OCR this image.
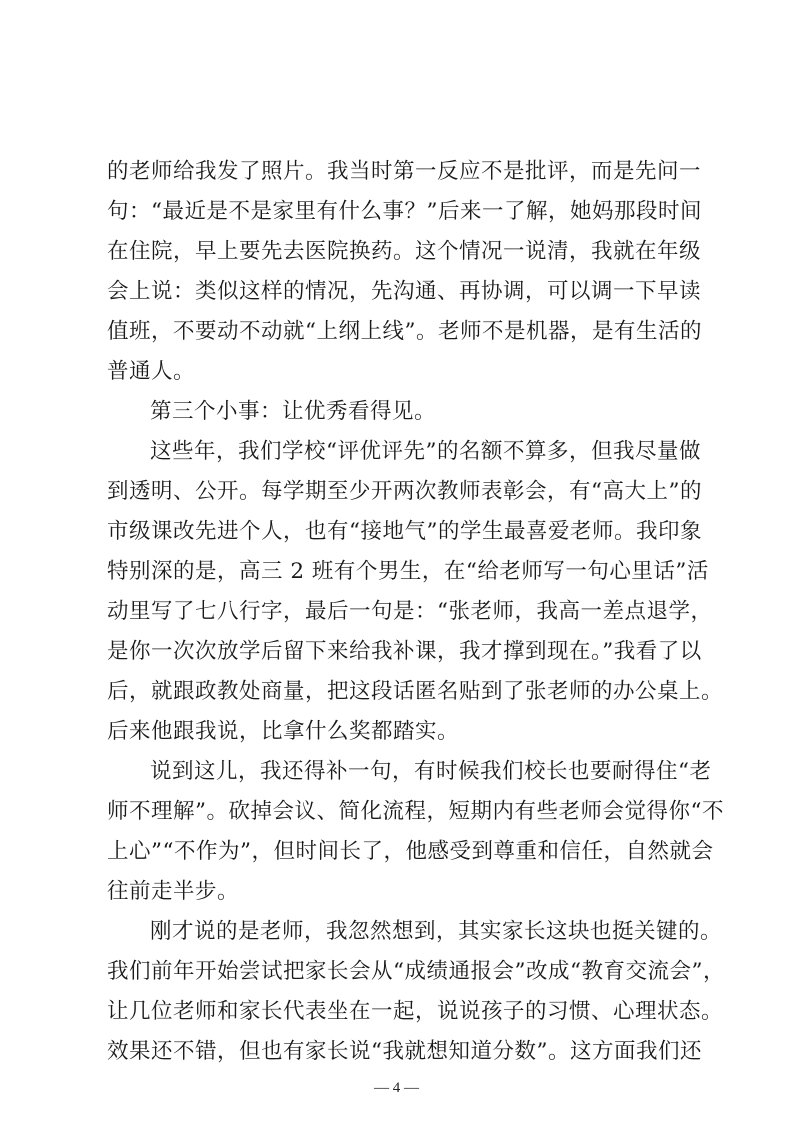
的老师给我发了照片。我当时第一反应不是批评，而是先问一
句：“最近是不是家里有什么事？”后来一了解，她妈那段时间
在住院，早上要先去医院换药。这个情况一说清，我就在年级
会上说：类似这样的情况，先沟通、再协调，可以调一下早读
值班，不要动不动就“上纲上线”。老师不是机器，是有生活的
普通人。
第三个小事：让优秀看得见。
这些年，我们学校“评优评先”的名额不算多，但我尽量做
到透明、公开。每学期至少开两次教师表彰会，有“高大上”的
市级课改先进个人，也有“接地气”的学生最喜爱老师。我印象
特别深的是，高三 2 班有个男生，在“给老师写一句心里话”活
动里写了七八行字，最后一句是：“张老师，我高一差点退学，
是你一次次放学后留下来给我补课，我才撑到现在。”我看了以
后，就跟政教处商量，把这段话匿名贴到了张老师的办公桌上。
后来他跟我说，比拿什么奖都踏实。
说到这儿，我还得补一句，有时候我们校长也要耐得住“老
师不理解”。砍掉会议、简化流程，短期内有些老师会觉得你“不
上心”“不作为”，但时间长了，他感受到尊重和信任，自然就会
往前走半步。
刚才说的是老师，我忽然想到，其实家长这块也挺关键的。
我们前年开始尝试把家长会从“成绩通报会”改成“教育交流会”，
让几位老师和家长代表坐在一起，说说孩子的习惯、心理状态。
效果还不错，但也有家长说“我就想知道分数”。这方面我们还
— 4 —
